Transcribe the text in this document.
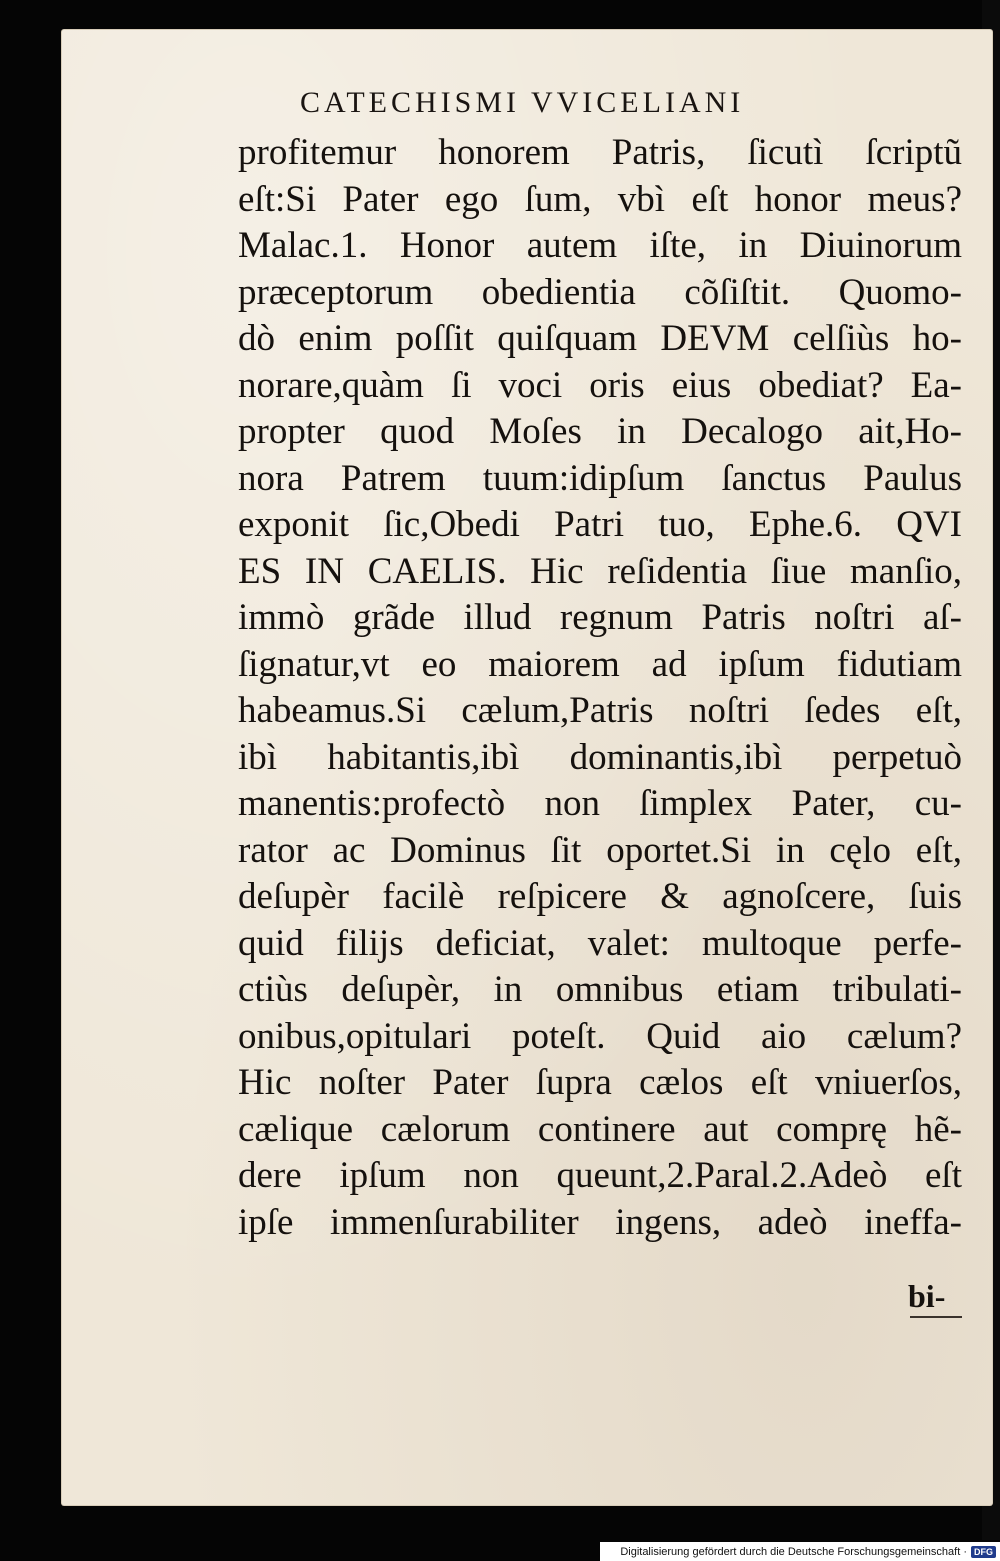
CATECHISMI VVICELIANI
profitemur honorem Patris, ſicutì ſcriptũ
eſt:Si Pater ego ſum, vbì eſt honor meus?
Malac.1. Honor autem iſte, in Diuinorum
præceptorum obedientia cõſiſtit. Quomo-
dò enim poſſit quiſquam DEVM celſiùs ho-
norare,quàm ſi voci oris eius obediat? Ea-
propter quod Moſes in Decalogo ait,Ho-
nora Patrem tuum:idipſum ſanctus Paulus
exponit ſic,Obedi Patri tuo, Ephe.6. QVI
ES IN CAELIS. Hic reſidentia ſiue manſio,
immò grãde illud regnum Patris noſtri aſ-
ſignatur,vt eo maiorem ad ipſum fidutiam
habeamus.Si cælum,Patris noſtri ſedes eſt,
ibì habitantis,ibì dominantis,ibì perpetuò
manentis:profectò non ſimplex Pater, cu-
rator ac Dominus ſit oportet.Si in cęlo eſt,
deſupèr facilè reſpicere & agnoſcere, ſuis
quid filijs deficiat, valet: multoque perfe-
ctiùs deſupèr, in omnibus etiam tribulati-
onibus,opitulari poteſt. Quid aio cælum?
Hic noſter Pater ſupra cælos eſt vniuerſos,
cælique cælorum continere aut comprę hẽ-
dere ipſum non queunt,2.Paral.2.Adeò eſt
ipſe immenſurabiliter ingens, adeò ineffa-
bi-
Digitalisierung gefördert durch die Deutsche Forschungsgemeinschaft · DFG
